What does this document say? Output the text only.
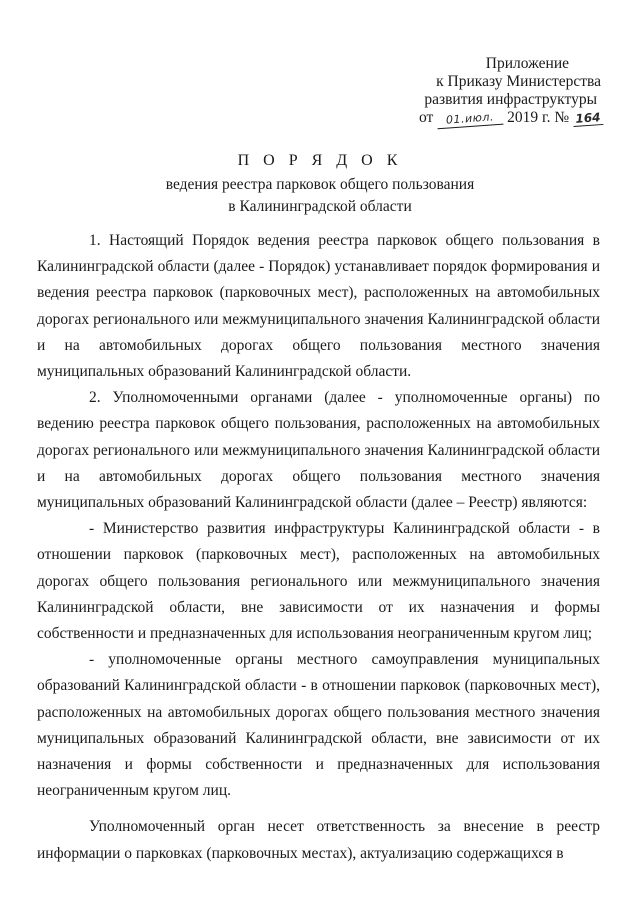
Приложение
к Приказу Министерства
развития инфраструктуры
от 01.июл. 2019 г. № 164
П О Р Я Д О К
ведения реестра парковок общего пользования
в Калининградской области

1. Настоящий Порядок ведения реестра парковок общего пользования в Калининградской области (далее - Порядок) устанавливает порядок формирования и ведения реестра парковок (парковочных мест), расположенных на автомобильных дорогах регионального или межмуниципального значения Калининградской области и на автомобильных дорогах общего пользования местного значения муниципальных образований Калининградской области.

2. Уполномоченными органами (далее - уполномоченные органы) по ведению реестра парковок общего пользования, расположенных на автомобильных дорогах регионального или межмуниципального значения Калининградской области и на автомобильных дорогах общего пользования местного значения муниципальных образований Калининградской области (далее – Реестр) являются:

- Министерство развития инфраструктуры Калининградской области - в отношении парковок (парковочных мест), расположенных на автомобильных дорогах общего пользования регионального или межмуниципального значения Калининградской области, вне зависимости от их назначения и формы собственности и предназначенных для использования неограниченным кругом лиц;

- уполномоченные органы местного самоуправления муниципальных образований Калининградской области - в отношении парковок (парковочных мест), расположенных на автомобильных дорогах общего пользования местного значения муниципальных образований Калининградской области, вне зависимости от их назначения и формы собственности и предназначенных для использования неограниченным кругом лиц.

Уполномоченный орган несет ответственность за внесение в реестр информации о парковках (парковочных местах), актуализацию содержащихся в
